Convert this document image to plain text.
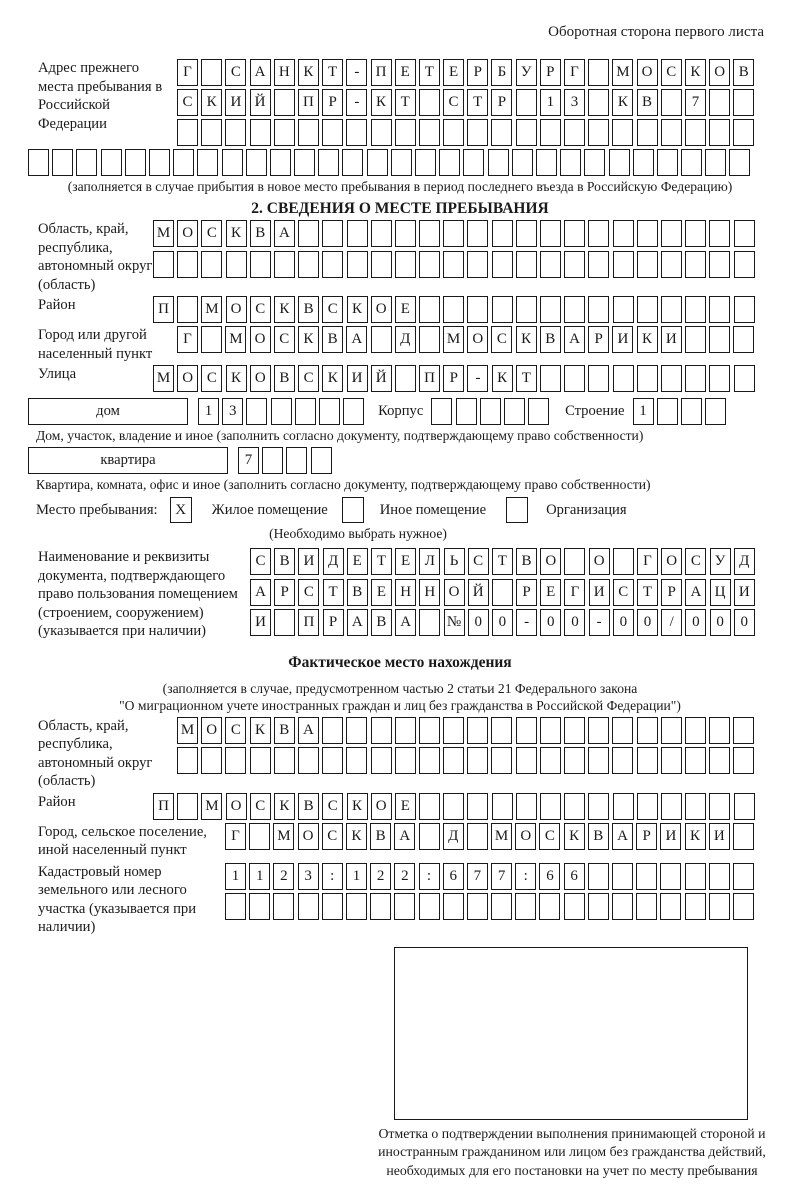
Оборотная сторона первого листа
Адрес прежнего места пребывания в Российской Федерации
Г	С А Н К Т	-	П Е	Т	Е	Р	Б У Р	Г	М О С К О В
С К И Й	П Р	-	К Т	С Т	Р	1	3	К В	7
(заполняется в случае прибытия в новое место пребывания в период последнего въезда в Российскую Федерацию)
2. СВЕДЕНИЯ О МЕСТЕ ПРЕБЫВАНИЯ
Область, край, республика, автономный округ (область)
М О С К В А
Район	П	М О С К В С К О Е
Город или другой населенный пункт
Г	М О С К В А	Д	М О С К В А Р И К И
Улица	М О С К О В С К И Й	П Р	-	К Т
дом	1	3	Корпус	Строение 1
Дом, участок, владение и иное (заполнить согласно документу, подтверждающему право собственности)
квартира	7
Квартира, комната, офис и иное (заполнить согласно документу, подтверждающему право собственности)
Место пребывания:	X	Жилое помещение	Иное помещение	Организация
(Необходимо выбрать нужное)
Наименование и реквизиты документа, подтверждающего право пользования помещением (строением, сооружением) (указывается при наличии)
С В И Д Е	Т	Е Л Ь С Т В О	О	Г О С У Д
А Р	С Т В Е Н Н О Й	Р	Е	Г И С Т	Р А Ц И
И	П Р А В А	№ 0	0	-	0	0	-	0	0	/	0	0	0
Фактическое место нахождения
(заполняется в случае, предусмотренном частью 2 статьи 21 Федерального закона
"О миграционном учете иностранных граждан и лиц без гражданства в Российской Федерации")
Область, край, республика, автономный округ (область)
М О С К В А
Район	П	М О С К В С К О Е
Город, сельское поселение, иной населенный пункт
Г	М О С К В А	Д	М О С К В А Р И К И
Кадастровый номер земельного или лесного участка (указывается при наличии)
1	1	2	3	:	1	2	2	:	6	7	7	:	6	6
Отметка о подтверждении выполнения принимающей стороной и иностранным гражданином или лицом без гражданства действий, необходимых для его постановки на учет по месту пребывания
